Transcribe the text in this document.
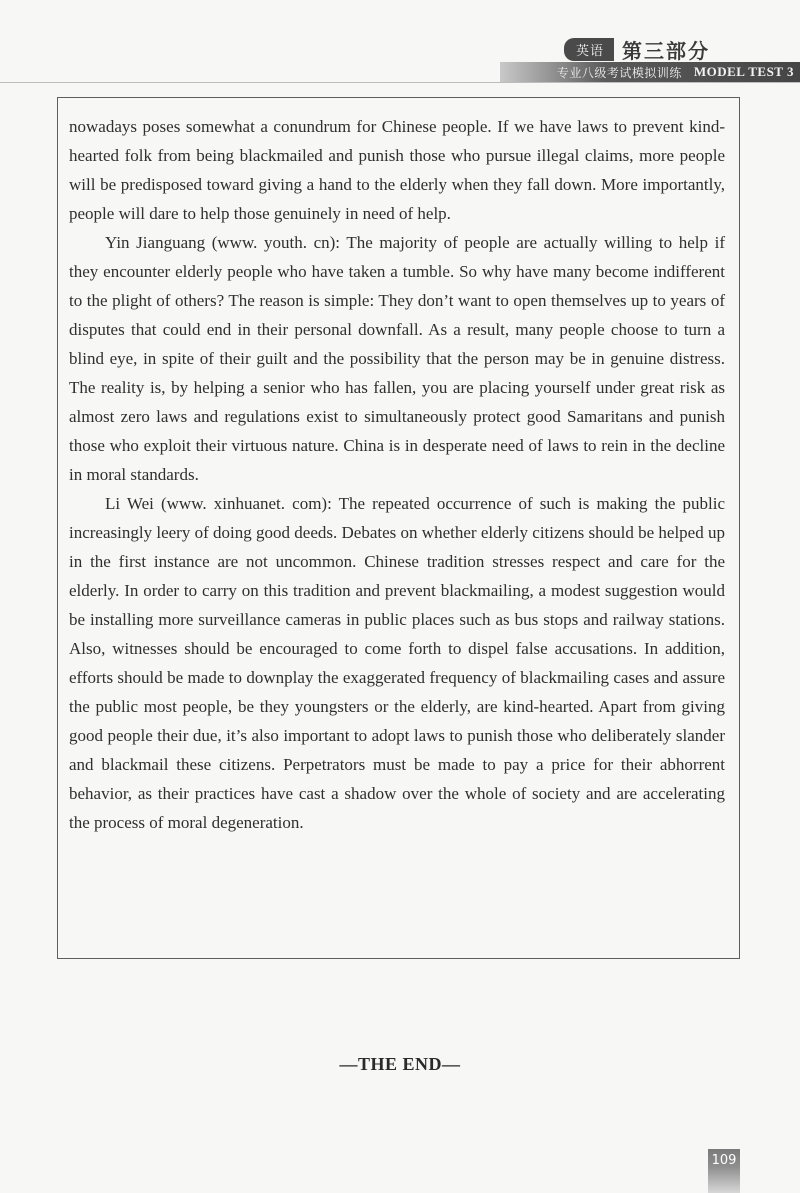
英语 第三部分
专业八级考试模拟训练 MODEL TEST 3

nowadays poses somewhat a conundrum for Chinese people. If we have laws to prevent kind-hearted folk from being blackmailed and punish those who pursue illegal claims, more people will be predisposed toward giving a hand to the elderly when they fall down. More importantly, people will dare to help those genuinely in need of help.

Yin Jianguang (www. youth. cn): The majority of people are actually willing to help if they encounter elderly people who have taken a tumble. So why have many become indifferent to the plight of others? The reason is simple: They don’t want to open themselves up to years of disputes that could end in their personal downfall. As a result, many people choose to turn a blind eye, in spite of their guilt and the possibility that the person may be in genuine distress. The reality is, by helping a senior who has fallen, you are placing yourself under great risk as almost zero laws and regulations exist to simultaneously protect good Samaritans and punish those who exploit their virtuous nature. China is in desperate need of laws to rein in the decline in moral standards.

Li Wei (www. xinhuanet. com): The repeated occurrence of such is making the public increasingly leery of doing good deeds. Debates on whether elderly citizens should be helped up in the first instance are not uncommon. Chinese tradition stresses respect and care for the elderly. In order to carry on this tradition and prevent blackmailing, a modest suggestion would be installing more surveillance cameras in public places such as bus stops and railway stations. Also, witnesses should be encouraged to come forth to dispel false accusations. In addition, efforts should be made to downplay the exaggerated frequency of blackmailing cases and assure the public most people, be they youngsters or the elderly, are kind-hearted. Apart from giving good people their due, it’s also important to adopt laws to punish those who deliberately slander and blackmail these citizens. Perpetrators must be made to pay a price for their abhorrent behavior, as their practices have cast a shadow over the whole of society and are accelerating the process of moral degeneration.

—THE END—
109
